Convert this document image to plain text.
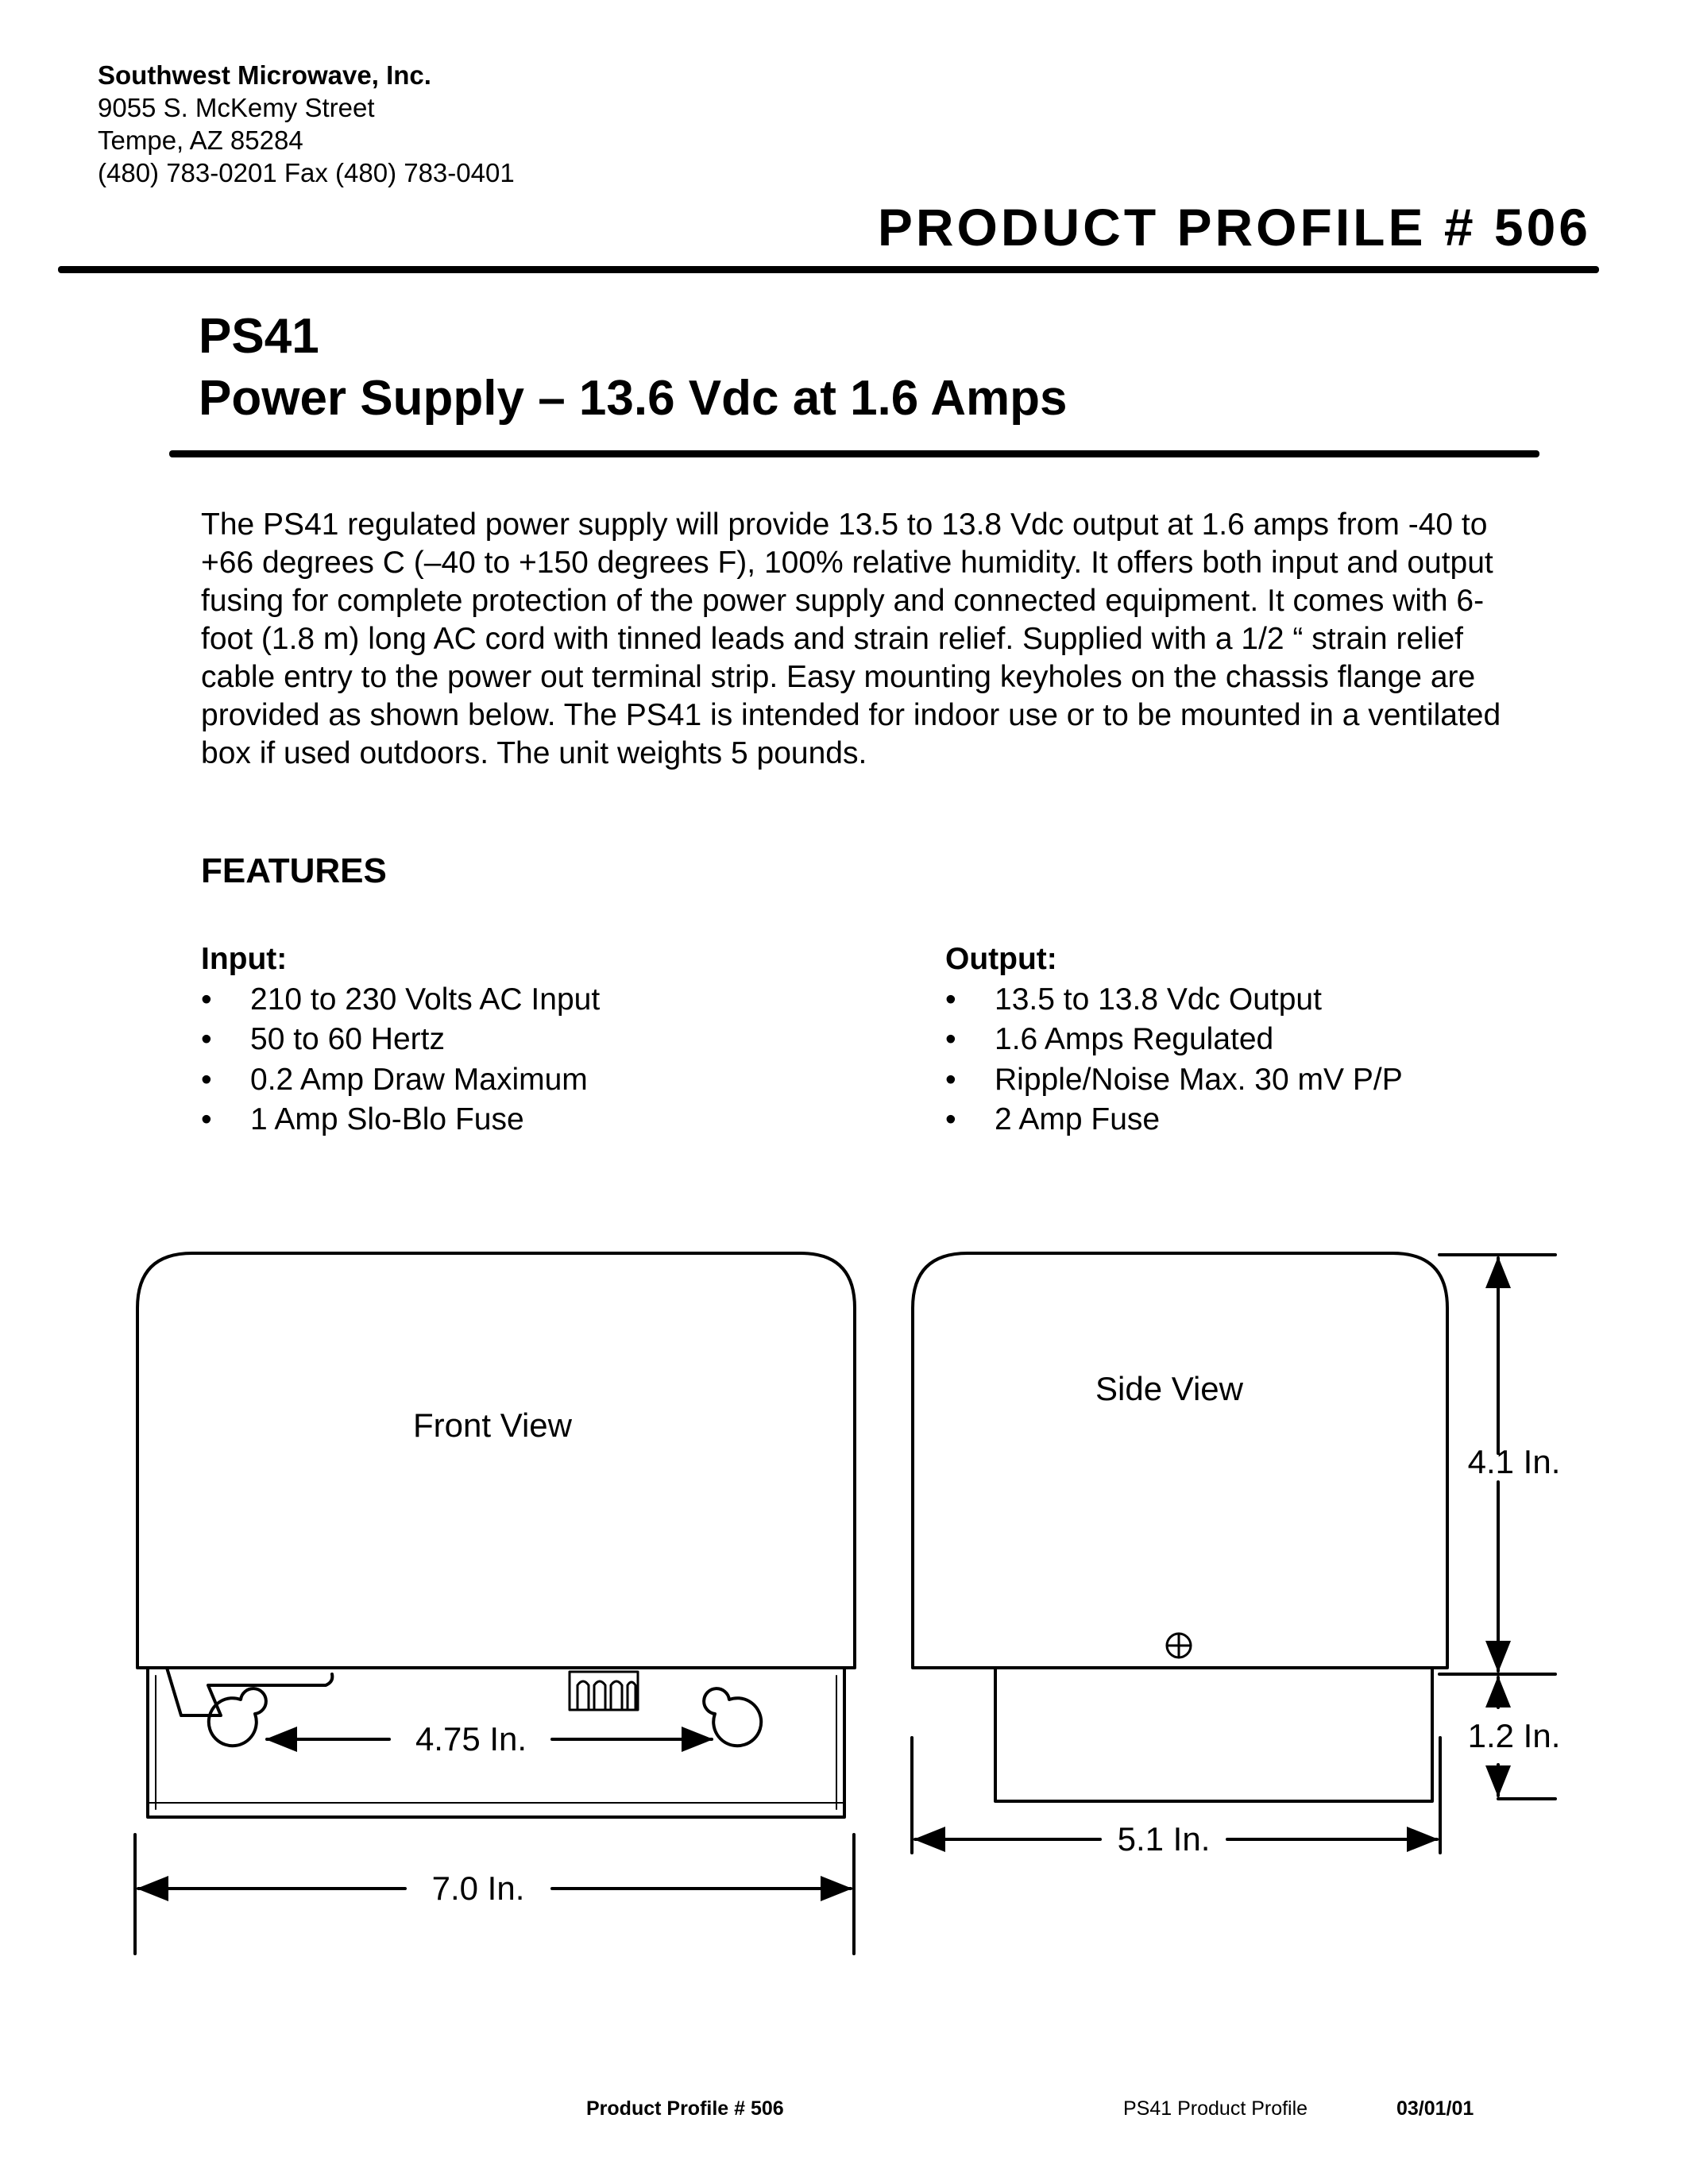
Southwest Microwave, Inc.
9055 S. McKemy Street
Tempe, AZ 85284
(480) 783-0201 Fax (480) 783-0401
PRODUCT PROFILE # 506
PS41
Power Supply – 13.6 Vdc at 1.6 Amps
The PS41 regulated power supply will provide 13.5 to 13.8 Vdc output at 1.6 amps from -40 to +66 degrees C (–40 to +150 degrees F), 100% relative humidity. It offers both input and output fusing for complete protection of the power supply and connected equipment. It comes with 6-foot (1.8 m) long AC cord with tinned leads and strain relief. Supplied with a 1/2 “ strain relief cable entry to the power out terminal strip. Easy mounting keyholes on the chassis flange are provided as shown below. The PS41 is intended for indoor use or to be mounted in a ventilated box if used outdoors. The unit weights 5 pounds.
FEATURES
Input:
• 210 to 230 Volts AC Input
• 50 to 60 Hertz
• 0.2 Amp Draw Maximum
• 1 Amp Slo-Blo Fuse
Output:
• 13.5 to 13.8 Vdc Output
• 1.6 Amps Regulated
• Ripple/Noise Max. 30 mV P/P
• 2 Amp Fuse
4.75 In.
Front View
7.0 In.
Side View
4.1 In.
1.2 In.
5.1 In.
Product Profile # 506	PS41 Product Profile	03/01/01
